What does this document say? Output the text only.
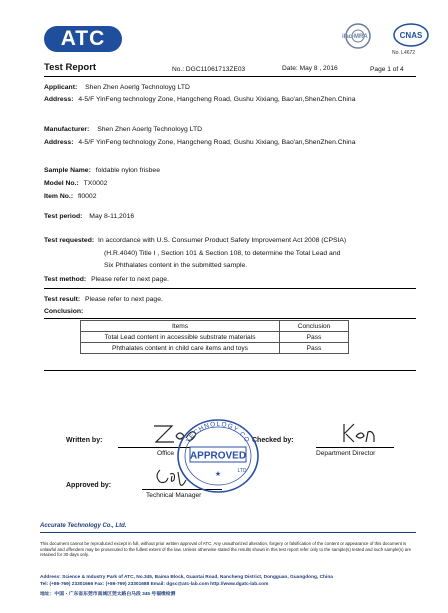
ATC	ilac-MRA	CNAS
No. L4672
Test Report	No.: DGC11061713ZE03	Date: May 8 , 2016	Page 1 of 4
Applicant: Shen Zhen Aoerlg Technoloyg LTD
Address: 4-5/F YinFeng technology Zone, Hangcheng Road, Gushu Xixiang, Bao'an,ShenZhen.China
Manufacturer: Shen Zhen Aoerlg Technoloyg LTD
Address: 4-5/F YinFeng technology Zone, Hangcheng Road, Gushu Xixiang, Bao'an,ShenZhen.China
Sample Name: foldable nylon frisbee
Model No.: TX0002
Item No.: fl0002
Test period: May 8-11,2016
Test requested: In accordance with U.S. Consumer Product Safety Improvement Act 2008 (CPSIA)
(H.R.4040) Title I , Section 101 & Section 108, to determine the Total Lead and
Six Phthalates content in the submitted sample.
Test method: Please refer to next page.
Test result: Please refer to next page.
Conclusion:
Items	Conclusion
Total Lead content in accessible substrate materials	Pass
Phthalates content in child care items and toys	Pass
Written by:
Office
Checked by:
Department Director
Approved by:
Technical Manager
TECHNOLOGY CO
APPROVED
★	LTD
This document cannot be reproduced except in full, without prior written approval of ATC. Any unauthorized alteration, forgery or falsification of the content or appearance of this document is unlawful and offenders may be prosecuted to the fullest extent of the law. Unless otherwise stated the results shown in this test report refer only to the sample(s) tested and such sample(s) are retained for 30 days only.
Accurate Technology Co., Ltd.
Address: Science & Industry Park of ATC, No.345, Baima Block, Guantai Road, Nancheng District, Dongguan, Guangdong, China
Tel: (+86-769) 23301666 Fax: (+86-769) 23301688 Email: dgsc@atc-lab.com http://www.dgatc-lab.com
地址：中国・广东省东莞市南城区莞太路白马段 345 号福缘检测
